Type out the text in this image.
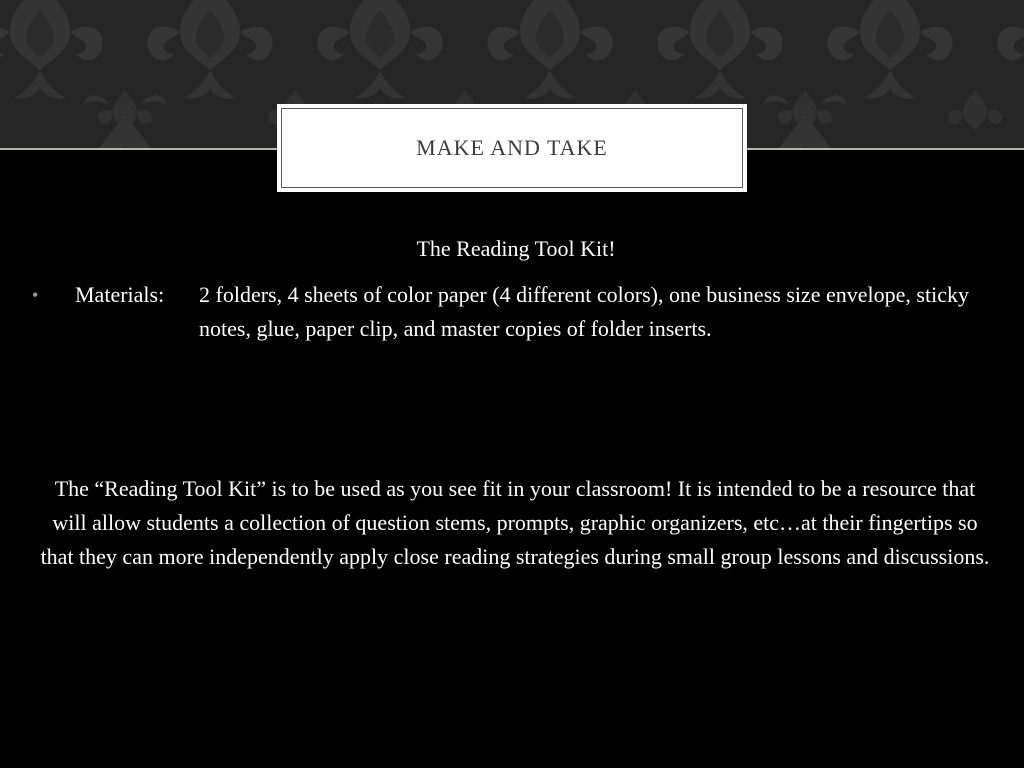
MAKE AND TAKE
The Reading Tool Kit!
• Materials: 2 folders, 4 sheets of color paper (4 different colors), one business size envelope, sticky notes, glue, paper clip, and master copies of folder inserts.
The “Reading Tool Kit” is to be used as you see fit in your classroom! It is intended to be a resource that will allow students a collection of question stems, prompts, graphic organizers, etc…at their fingertips so that they can more independently apply close reading strategies during small group lessons and discussions.
